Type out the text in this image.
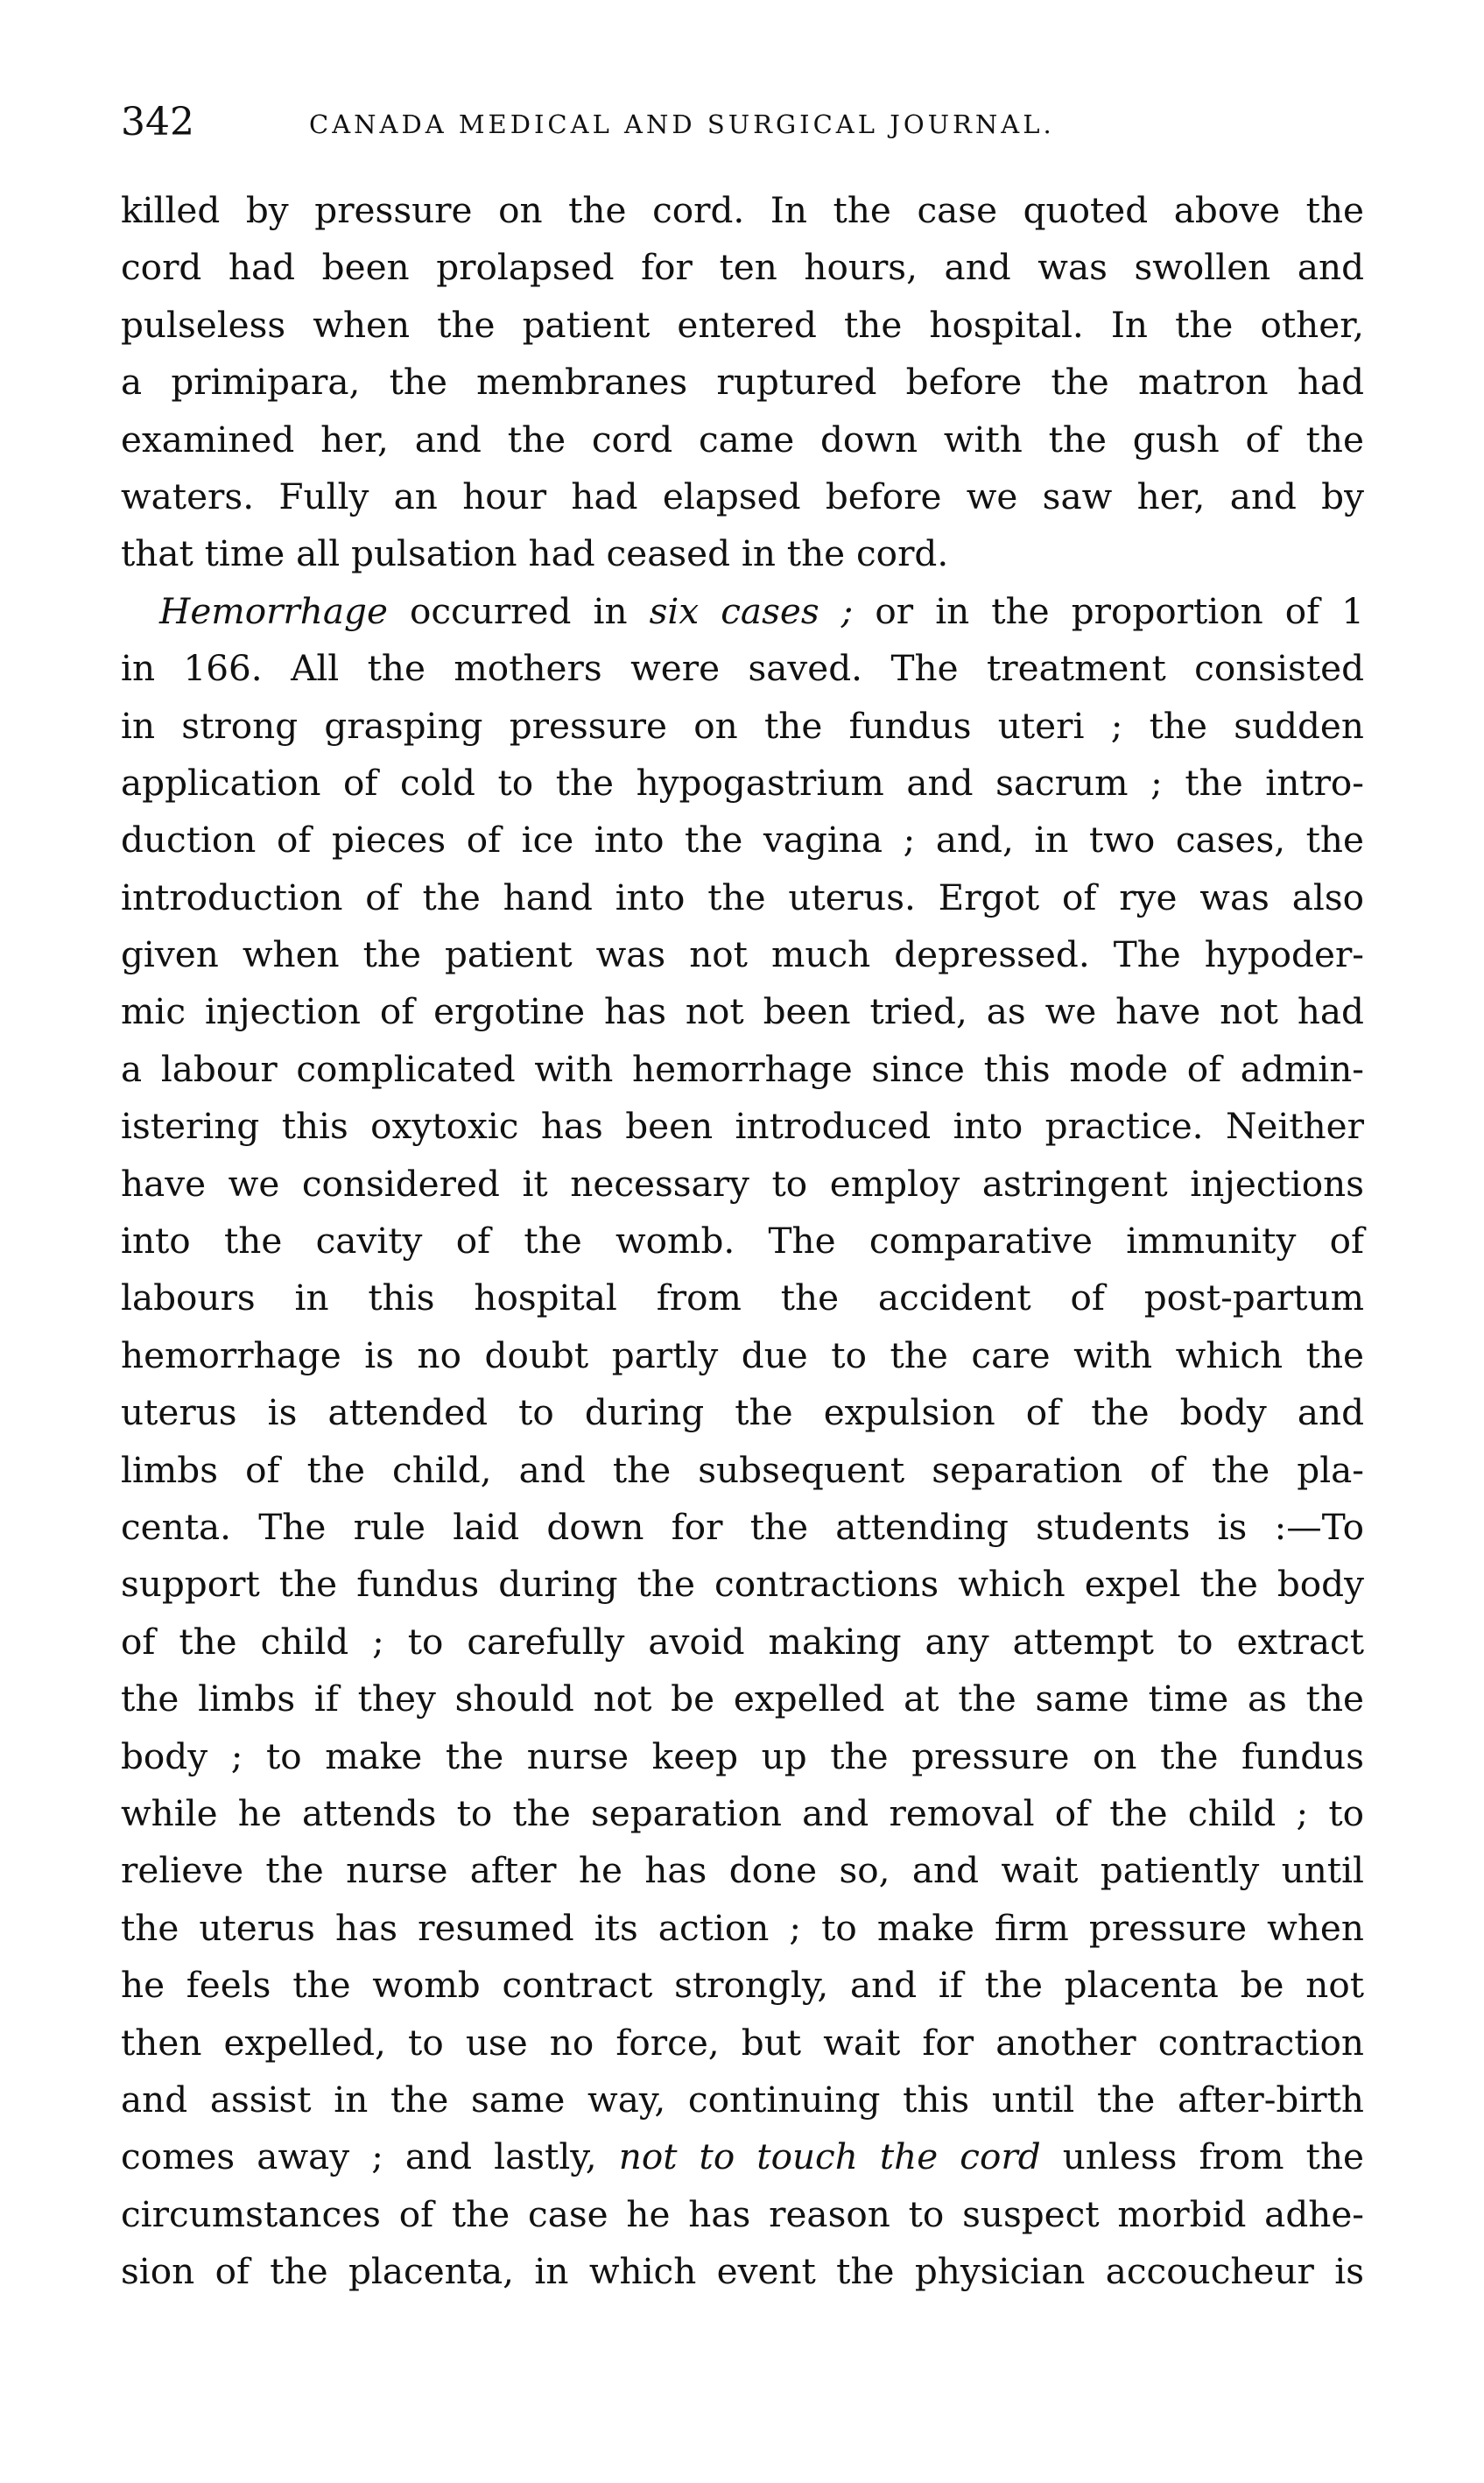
342	CANADA MEDICAL AND SURGICAL JOURNAL.
killed by pressure on the cord. In the case quoted above the
cord had been prolapsed for ten hours, and was swollen and
pulseless when the patient entered the hospital. In the other,
a primipara, the membranes ruptured before the matron had
examined her, and the cord came down with the gush of the
waters. Fully an hour had elapsed before we saw her, and by
that time all pulsation had ceased in the cord.
Hemorrhage occurred in six cases ; or in the proportion of 1
in 166. All the mothers were saved. The treatment consisted
in strong grasping pressure on the fundus uteri ; the sudden
application of cold to the hypogastrium and sacrum ; the intro-
duction of pieces of ice into the vagina ; and, in two cases, the
introduction of the hand into the uterus. Ergot of rye was also
given when the patient was not much depressed. The hypoder-
mic injection of ergotine has not been tried, as we have not had
a labour complicated with hemorrhage since this mode of admin-
istering this oxytoxic has been introduced into practice. Neither
have we considered it necessary to employ astringent injections
into the cavity of the womb. The comparative immunity of
labours in this hospital from the accident of post-partum
hemorrhage is no doubt partly due to the care with which the
uterus is attended to during the expulsion of the body and
limbs of the child, and the subsequent separation of the pla-
centa. The rule laid down for the attending students is :—To
support the fundus during the contractions which expel the body
of the child ; to carefully avoid making any attempt to extract
the limbs if they should not be expelled at the same time as the
body ; to make the nurse keep up the pressure on the fundus
while he attends to the separation and removal of the child ; to
relieve the nurse after he has done so, and wait patiently until
the uterus has resumed its action ; to make firm pressure when
he feels the womb contract strongly, and if the placenta be not
then expelled, to use no force, but wait for another contraction
and assist in the same way, continuing this until the after-birth
comes away ; and lastly, not to touch the cord unless from the
circumstances of the case he has reason to suspect morbid adhe-
sion of the placenta, in which event the physician accoucheur is
